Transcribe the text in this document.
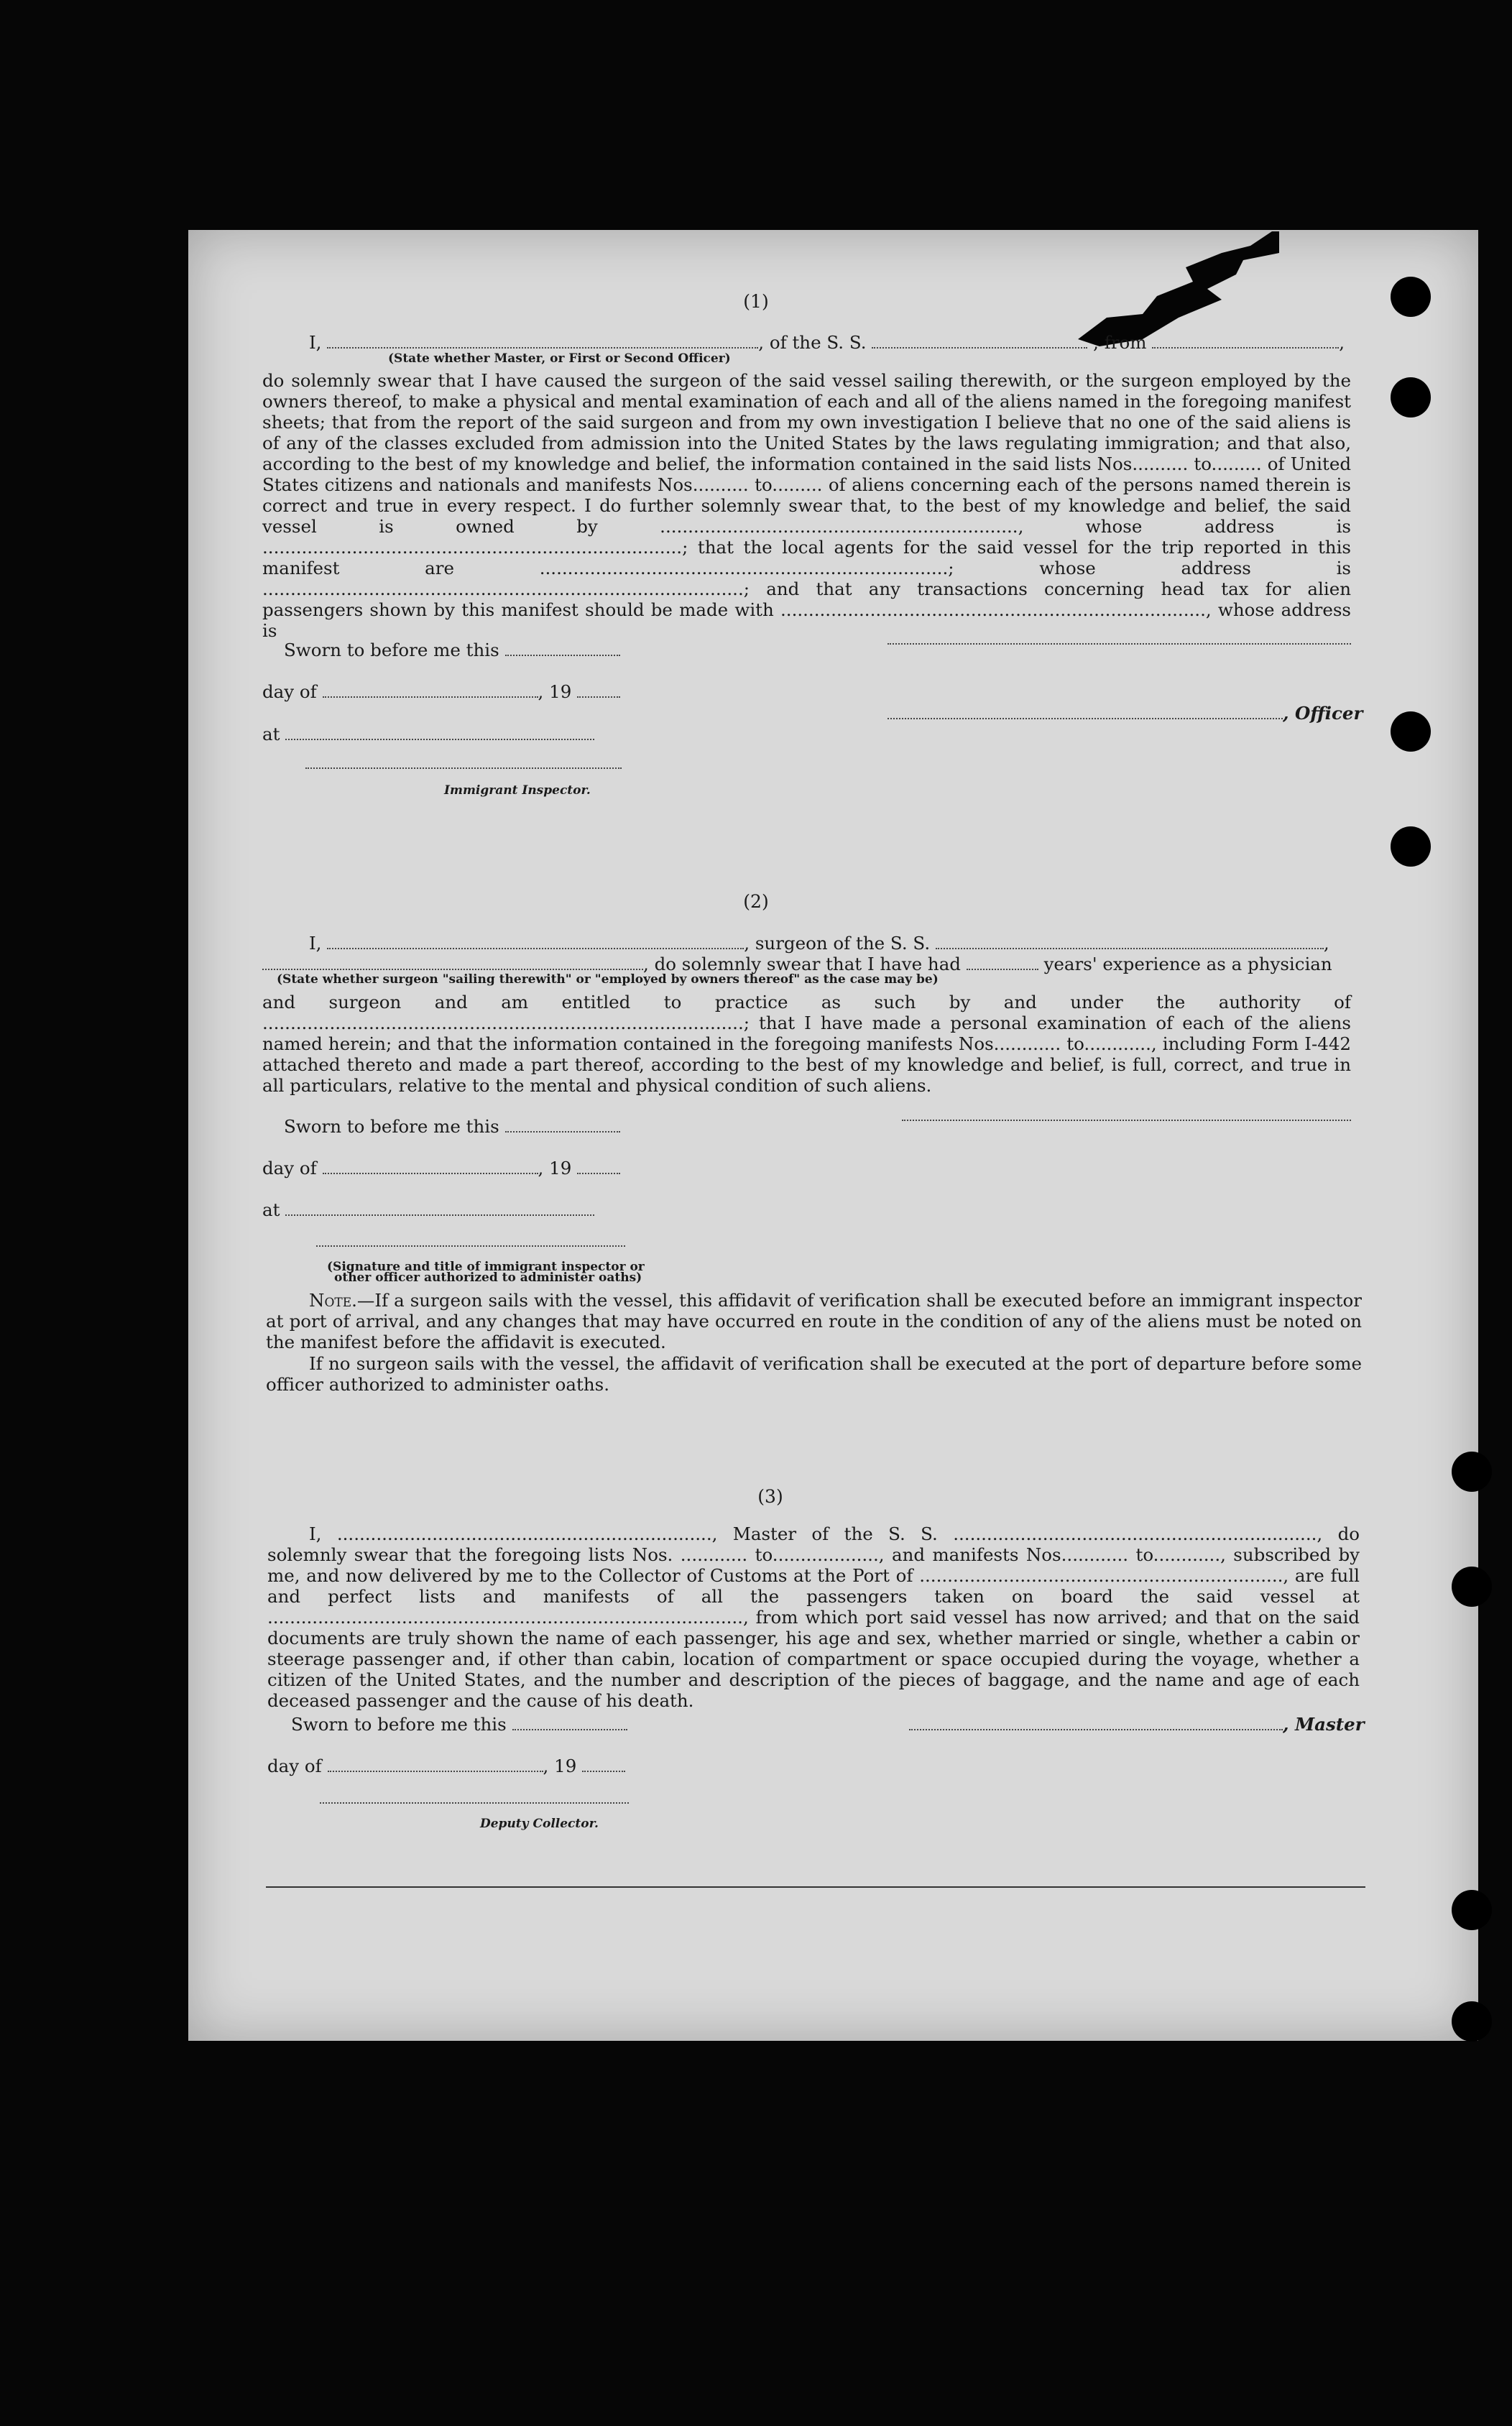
(1)
I,	, of the S. S.	, from	,
(State whether Master, or First or Second Officer)

do solemnly swear that I have caused the surgeon of the said vessel sailing therewith, or the surgeon employed by the owners thereof, to make a physical and mental examination of each and all of the aliens named in the foregoing manifest sheets; that from the report of the said surgeon and from my own investigation I believe that no one of the said aliens is of any of the classes excluded from admission into the United States by the laws regulating immigration; and that also, according to the best of my knowledge and belief, the information contained in the said lists Nos.......... to......... of United States citizens and nationals and manifests Nos.......... to......... of aliens concerning each of the persons named therein is correct and true in every respect. I do further solemnly swear that, to the best of my knowledge and belief, the said vessel is owned by ................................................................, whose address is ...........................................................................; that the local agents for the said vessel for the trip reported in this manifest are .........................................................................; whose address is ......................................................................................; and that any transactions concerning head tax for alien passengers shown by this manifest should be made with ............................................................................, whose address is

Sworn to before me this
day of	, 19
, Officer
at
Immigrant Inspector.
(2)
I,	, surgeon of the S. S.	,
, do solemnly swear that I have had	years' experience as a physician
(State whether surgeon "sailing therewith" or "employed by owners thereof" as the case may be)

and surgeon and am entitled to practice as such by and under the authority of ......................................................................................; that I have made a personal examination of each of the aliens named herein; and that the information contained in the foregoing manifests Nos............ to............, including Form I-442 attached thereto and made a part thereof, according to the best of my knowledge and belief, is full, correct, and true in all particulars, relative to the mental and physical condition of such aliens.

Sworn to before me this
day of	, 19
at
(Signature and title of immigrant inspector or
other officer authorized to administer oaths)

Note.—If a surgeon sails with the vessel, this affidavit of verification shall be executed before an immigrant inspector at port of arrival, and any changes that may have occurred en route in the condition of any of the aliens must be noted on the manifest before the affidavit is executed.

If no surgeon sails with the vessel, the affidavit of verification shall be executed at the port of departure before some officer authorized to administer oaths.

(3)

I, ..................................................................., Master of the S. S. ................................................................., do solemnly swear that the foregoing lists Nos. ............ to..................., and manifests Nos............ to............, subscribed by me, and now delivered by me to the Collector of Customs at the Port of ................................................................., are full and perfect lists and manifests of all the passengers taken on board the said vessel at ....................................................................................., from which port said vessel has now arrived; and that on the said documents are truly shown the name of each passenger, his age and sex, whether married or single, whether a cabin or steerage passenger and, if other than cabin, location of compartment or space occupied during the voyage, whether a citizen of the United States, and the number and description of the pieces of baggage, and the name and age of each deceased passenger and the cause of his death.

Sworn to before me this	, Master
day of	, 19
Deputy Collector.
